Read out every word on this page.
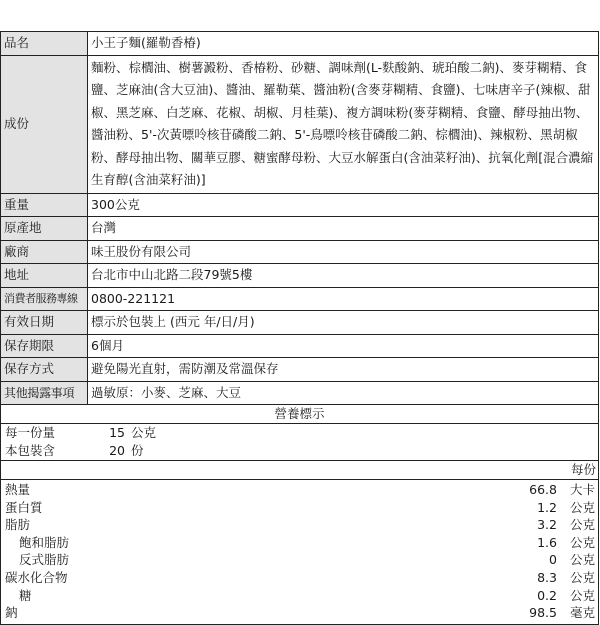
品名	小王子麵(羅勒香椿)
成份	麵粉、棕櫚油、樹薯澱粉、香椿粉、砂糖、調味劑(L-麩酸鈉、琥珀酸二鈉)、麥芽糊精、食鹽、芝麻油(含大豆油)、醬油、羅勒葉、醬油粉(含麥芽糊精、食鹽)、七味唐辛子(辣椒、甜椒、黑芝麻、白芝麻、花椒、胡椒、月桂葉)、複方調味粉(麥芽糊精、食鹽、酵母抽出物、醬油粉、5'-次黃嘌呤核苷磷酸二鈉、5'-鳥嘌呤核苷磷酸二鈉、棕櫚油)、辣椒粉、黑胡椒粉、酵母抽出物、關華豆膠、糖蜜酵母粉、大豆水解蛋白(含油菜籽油)、抗氧化劑[混合濃縮生育醇(含油菜籽油)]
重量	300公克
原產地	台灣
廠商	味王股份有限公司
地址	台北市中山北路二段79號5樓
消費者服務專線	0800-221121
有效日期	標示於包裝上 (西元 年/日/月)
保存期限	6個月
保存方式	避免陽光直射，需防潮及常溫保存
其他揭露事項	過敏原：小麥、芝麻、大豆
營養標示
每一份量	15 公克
本包裝含	20 份
每份
熱量	66.8	大卡
蛋白質	1.2	公克
脂肪	3.2	公克
飽和脂肪	1.6	公克
反式脂肪	0	公克
碳水化合物	8.3	公克
糖	0.2	公克
鈉	98.5	毫克
